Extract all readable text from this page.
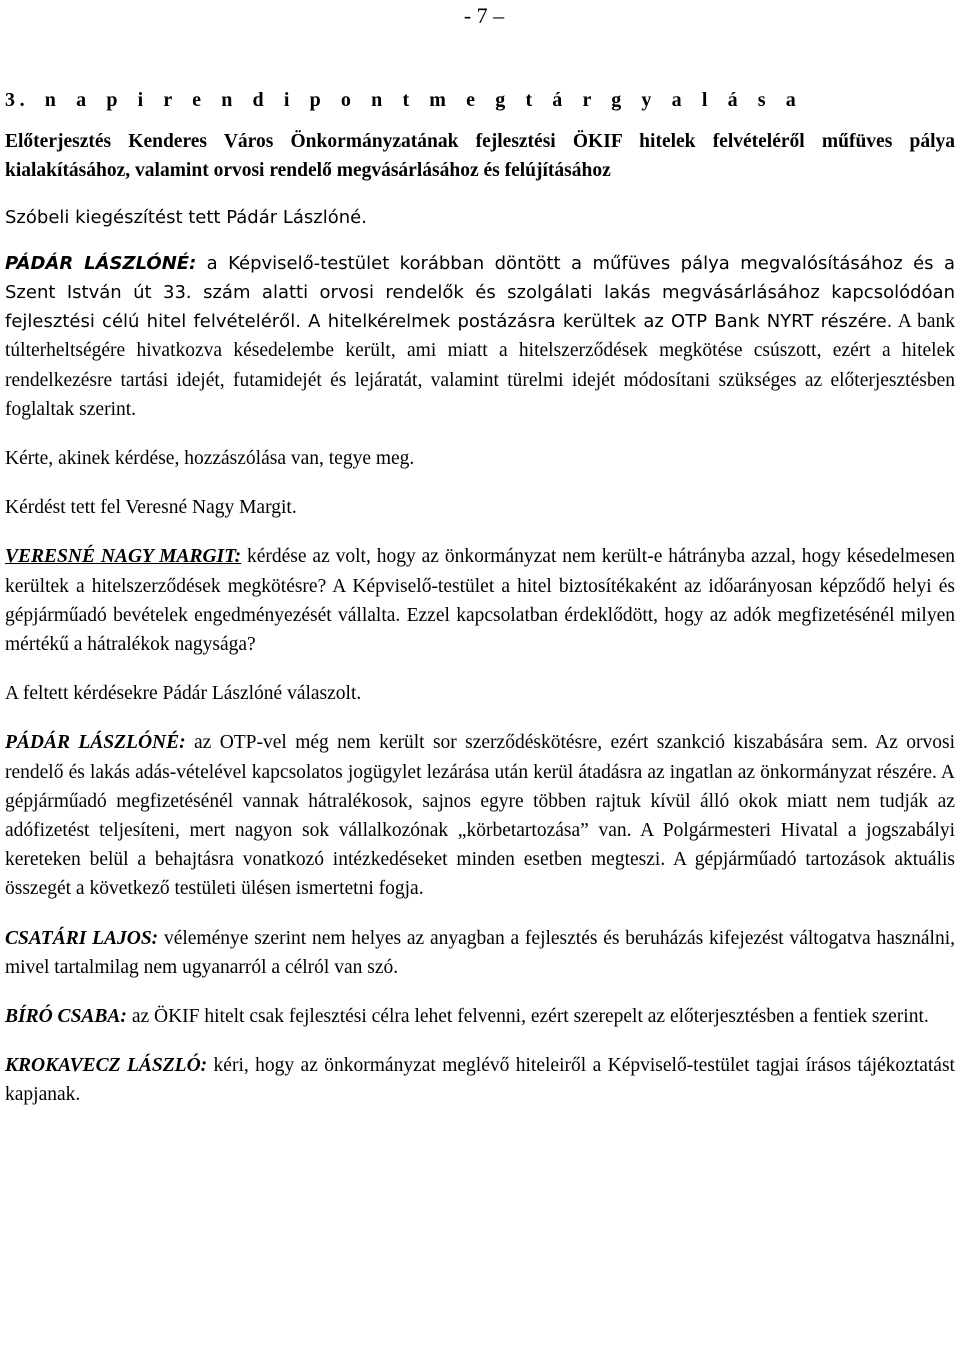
- 7 –

3. n a p i r e n d i p o n t m e g t á r g y a l á s a

Előterjesztés Kenderes Város Önkormányzatának fejlesztési ÖKIF hitelek felvételéről műfüves pálya kialakításához, valamint orvosi rendelő megvásárlásához és felújításához

Szóbeli kiegészítést tett Pádár Lászlóné.

PÁDÁR LÁSZLÓNÉ: a Képviselő-testület korábban döntött a műfüves pálya megvalósításához és a Szent István út 33. szám alatti orvosi rendelők és szolgálati lakás megvásárlásához kapcsolódóan fejlesztési célú hitel felvételéről. A hitelkérelmek postázásra kerültek az OTP Bank NYRT részére. A bank túlterheltségére hivatkozva késedelembe került, ami miatt a hitelszerződések megkötése csúszott, ezért a hitelek rendelkezésre tartási idejét, futamidejét és lejáratát, valamint türelmi idejét módosítani szükséges az előterjesztésben foglaltak szerint.

Kérte, akinek kérdése, hozzászólása van, tegye meg.

Kérdést tett fel Veresné Nagy Margit.

VERESNÉ NAGY MARGIT: kérdése az volt, hogy az önkormányzat nem került-e hátrányba azzal, hogy késedelmesen kerültek a hitelszerződések megkötésre? A Képviselő-testület a hitel biztosítékaként az időarányosan képződő helyi és gépjárműadó bevételek engedményezését vállalta. Ezzel kapcsolatban érdeklődött, hogy az adók megfizetésénél milyen mértékű a hátralékok nagysága?

A feltett kérdésekre Pádár Lászlóné válaszolt.

PÁDÁR LÁSZLÓNÉ: az OTP-vel még nem került sor szerződéskötésre, ezért szankció kiszabására sem. Az orvosi rendelő és lakás adás-vételével kapcsolatos jogügylet lezárása után kerül átadásra az ingatlan az önkormányzat részére. A gépjárműadó megfizetésénél vannak hátralékosok, sajnos egyre többen rajtuk kívül álló okok miatt nem tudják az adófizetést teljesíteni, mert nagyon sok vállalkozónak „körbetartozása” van. A Polgármesteri Hivatal a jogszabályi kereteken belül a behajtásra vonatkozó intézkedéseket minden esetben megteszi. A gépjárműadó tartozások aktuális összegét a következő testületi ülésen ismertetni fogja.

CSATÁRI LAJOS: véleménye szerint nem helyes az anyagban a fejlesztés és beruházás kifejezést váltogatva használni, mivel tartalmilag nem ugyanarról a célról van szó.

BÍRÓ CSABA: az ÖKIF hitelt csak fejlesztési célra lehet felvenni, ezért szerepelt az előterjesztésben a fentiek szerint.

KROKAVECZ LÁSZLÓ: kéri, hogy az önkormányzat meglévő hiteleiről a Képviselő-testület tagjai írásos tájékoztatást kapjanak.
